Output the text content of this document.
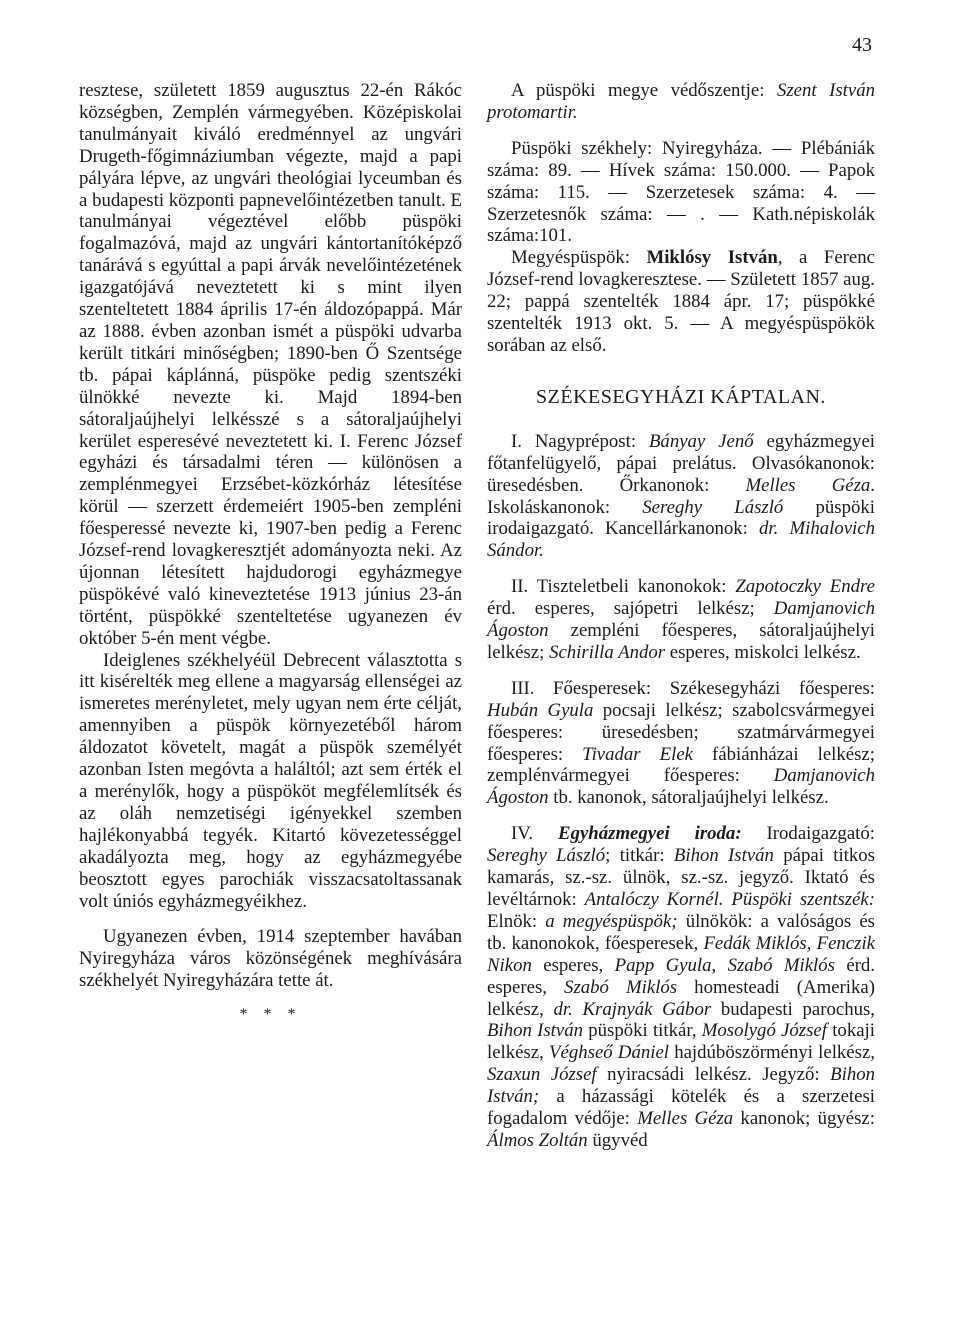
43

resztese, született 1859 augusztus 22-én Rákóc községben, Zemplén vármegyében. Középiskolai tanulmányait kiváló eredménnyel az ungvári Drugeth-főgimnáziumban végezte, majd a papi pályára lépve, az ungvári theológiai lyceumban és a budapesti központi papnevelőintézetben tanult. E tanulmányai végeztével előbb püspöki fogalmazóvá, majd az ungvári kántortanítóképző tanárává s egyúttal a papi árvák nevelőintézetének igazgatójává neveztetett ki s mint ilyen szenteltetett 1884 április 17-én áldozópappá. Már az 1888. évben azonban ismét a püspöki udvarba került titkári minőségben; 1890-ben Ő Szentsége tb. pápai káplánná, püspöke pedig szentszéki ülnökké nevezte ki. Majd 1894-ben sátoraljaújhelyi lelkésszé s a sátoraljaújhelyi kerület esperesévé neveztetett ki. I. Ferenc József egyházi és társadalmi téren — különösen a zemplénmegyei Erzsébet-közkórház létesítése körül — szerzett érdemeiért 1905-ben zempléni főesperessé nevezte ki, 1907-ben pedig a Ferenc József-rend lovagkeresztjét adományozta neki. Az újonnan létesített hajdudorogi egyházmegye püspökévé való kineveztetése 1913 június 23-án történt, püspökké szenteltetése ugyanezen év október 5-én ment végbe.

Ideiglenes székhelyéül Debrecent választotta s itt kisérelték meg ellene a magyarság ellenségei az ismeretes merényletet, mely ugyan nem érte célját, amennyiben a püspök környezetéből három áldozatot követelt, magát a püspök személyét azonban Isten megóvta a haláltól; azt sem érték el a merénylők, hogy a püspököt megfélemlítsék és az oláh nemzetiségi igényekkel szemben hajlékonyabbá tegyék. Kitartó kövezetességgel akadályozta meg, hogy az egyházmegyébe beosztott egyes parochiák visszacsatoltassanak volt úniós egyházmegyéikhez.

Ugyanezen évben, 1914 szeptember havában Nyiregyháza város közönségének meghívására székhelyét Nyiregyházára tette át.

* * *

A püspöki megye védőszentje: Szent István protomartir.

Püspöki székhely: Nyiregyháza. — Plébániák száma: 89. — Hívek száma: 150.000. — Papok száma: 115. — Szerzetesek száma: 4. — Szerzetesnők száma: — . — Kath.népiskolák száma:101.

Megyéspüspök: Miklósy István, a Ferenc József-rend lovagkeresztese. — Született 1857 aug. 22; pappá szentelték 1884 ápr. 17; püspökké szentelték 1913 okt. 5. — A megyéspüspökök sorában az első.

SZÉKESEGYHÁZI KÁPTALAN.

I. Nagyprépost: Bányay Jenő egyházmegyei főtanfelügyelő, pápai prelátus. Olvasókanonok: üresedésben. Őrkanonok: Melles Géza. Iskoláskanonok: Sereghy László püspöki irodaigazgató. Kancellárkanonok: dr. Mihalovich Sándor.

II. Tiszteletbeli kanonokok: Zapotoczky Endre érd. esperes, sajópetri lelkész; Damjanovich Ágoston zempléni főesperes, sátoraljaújhelyi lelkész; Schirilla Andor esperes, miskolci lelkész.

III. Főesperesek: Székesegyházi főesperes: Hubán Gyula pocsaji lelkész; szabolcsvármegyei főesperes: üresedésben; szatmárvármegyei főesperes: Tivadar Elek fábiánházai lelkész; zemplénvármegyei főesperes: Damjanovich Ágoston tb. kanonok, sátoraljaújhelyi lelkész.

IV. Egyházmegyei iroda: Irodaigazgató: Sereghy László; titkár: Bihon István pápai titkos kamarás, sz.-sz. ülnök, sz.-sz. jegyző. Iktató és levéltárnok: Antalóczy Kornél. Püspöki szentszék: Elnök: a megyéspüspök; ülnökök: a valóságos és tb. kanonokok, főesperesek, Fedák Miklós, Fenczik Nikon esperes, Papp Gyula, Szabó Miklós érd. esperes, Szabó Miklós homesteadi (Amerika) lelkész, dr. Krajnyák Gábor budapesti parochus, Bihon István püspöki titkár, Mosolygó József tokaji lelkész, Véghseő Dániel hajdúböszörményi lelkész, Szaxun József nyiracsádi lelkész. Jegyző: Bihon István; a házassági kötelék és a szerzetesi fogadalom védője: Melles Géza kanonok; ügyész: Álmos Zoltán ügyvéd
